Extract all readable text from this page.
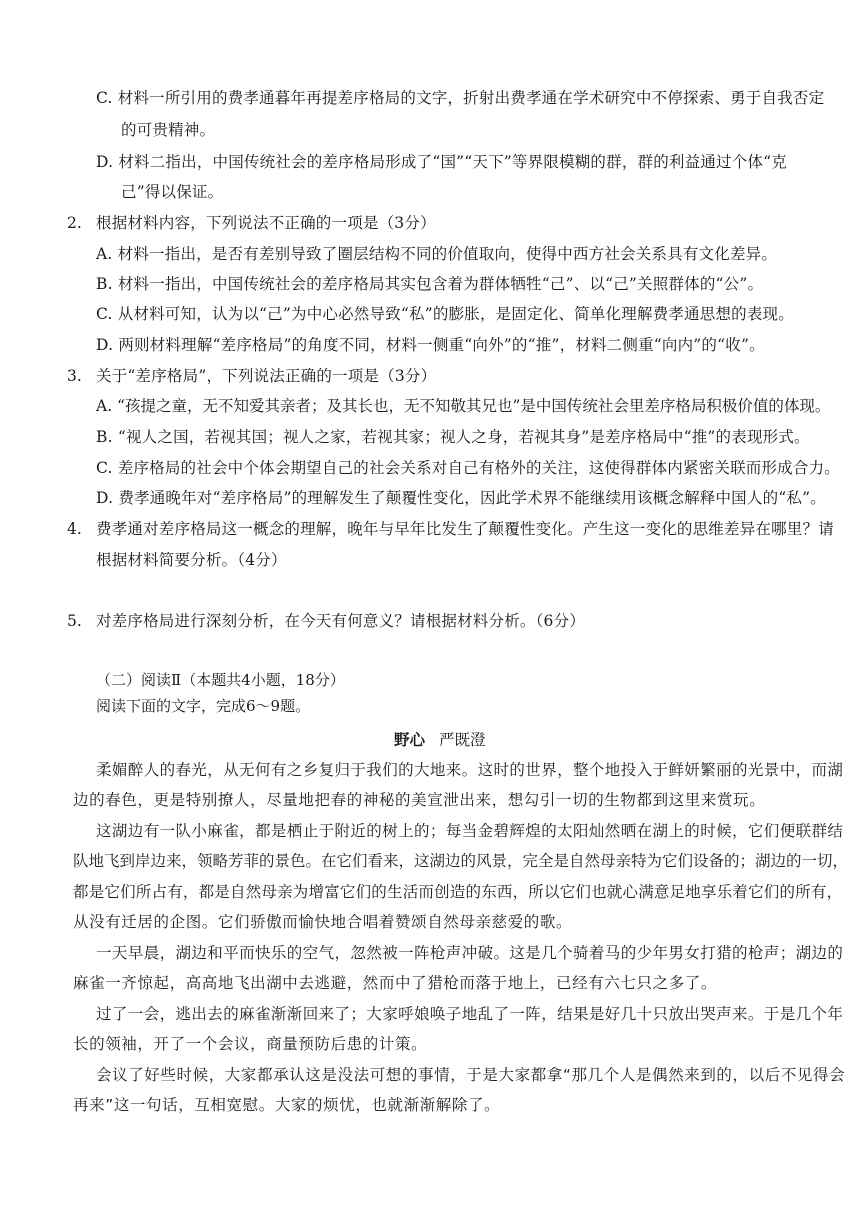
C. 材料一所引用的费孝通暮年再提差序格局的文字，折射出费孝通在学术研究中不停探索、勇于自我否定
的可贵精神。
D. 材料二指出，中国传统社会的差序格局形成了“国”“天下”等界限模糊的群，群的利益通过个体“克
己”得以保证。
2. 根据材料内容，下列说法不正确的一项是（3分）
A. 材料一指出，是否有差别导致了圈层结构不同的价值取向，使得中西方社会关系具有文化差异。
B. 材料一指出，中国传统社会的差序格局其实包含着为群体牺牲“己”、以“己”关照群体的“公”。
C. 从材料可知，认为以“己”为中心必然导致“私”的膨胀，是固定化、简单化理解费孝通思想的表现。
D. 两则材料理解“差序格局”的角度不同，材料一侧重“向外”的“推”，材料二侧重“向内”的“收”。
3. 关于“差序格局”，下列说法正确的一项是（3分）
A. “孩提之童，无不知爱其亲者；及其长也，无不知敬其兄也”是中国传统社会里差序格局积极价值的体现。
B. “视人之国，若视其国；视人之家，若视其家；视人之身，若视其身”是差序格局中“推”的表现形式。
C. 差序格局的社会中个体会期望自己的社会关系对自己有格外的关注，这使得群体内紧密关联而形成合力。
D. 费孝通晚年对“差序格局”的理解发生了颠覆性变化，因此学术界不能继续用该概念解释中国人的“私”。
4. 费孝通对差序格局这一概念的理解，晚年与早年比发生了颠覆性变化。产生这一变化的思维差异在哪里？请
根据材料简要分析。（4分）
5. 对差序格局进行深刻分析，在今天有何意义？请根据材料分析。（6分）
（二）阅读Ⅱ（本题共4小题，18分）
阅读下面的文字，完成6～9题。
野心 严既澄
柔媚醉人的春光，从无何有之乡复归于我们的大地来。这时的世界，整个地投入于鲜妍繁丽的光景中，而湖
边的春色，更是特别撩人，尽量地把春的神秘的美宣泄出来，想勾引一切的生物都到这里来赏玩。
这湖边有一队小麻雀，都是栖止于附近的树上的；每当金碧辉煌的太阳灿然晒在湖上的时候，它们便联群结
队地飞到岸边来，领略芳菲的景色。在它们看来，这湖边的风景，完全是自然母亲特为它们设备的；湖边的一切，
都是它们所占有，都是自然母亲为增富它们的生活而创造的东西，所以它们也就心满意足地享乐着它们的所有，
从没有迁居的企图。它们骄傲而愉快地合唱着赞颂自然母亲慈爱的歌。
一天早晨，湖边和平而快乐的空气，忽然被一阵枪声冲破。这是几个骑着马的少年男女打猎的枪声；湖边的
麻雀一齐惊起，高高地飞出湖中去逃避，然而中了猎枪而落于地上，已经有六七只之多了。
过了一会，逃出去的麻雀渐渐回来了；大家呼娘唤子地乱了一阵，结果是好几十只放出哭声来。于是几个年
长的领袖，开了一个会议，商量预防后患的计策。
会议了好些时候，大家都承认这是没法可想的事情，于是大家都拿“那几个人是偶然来到的，以后不见得会
再来”这一句话，互相宽慰。大家的烦忧，也就渐渐解除了。
